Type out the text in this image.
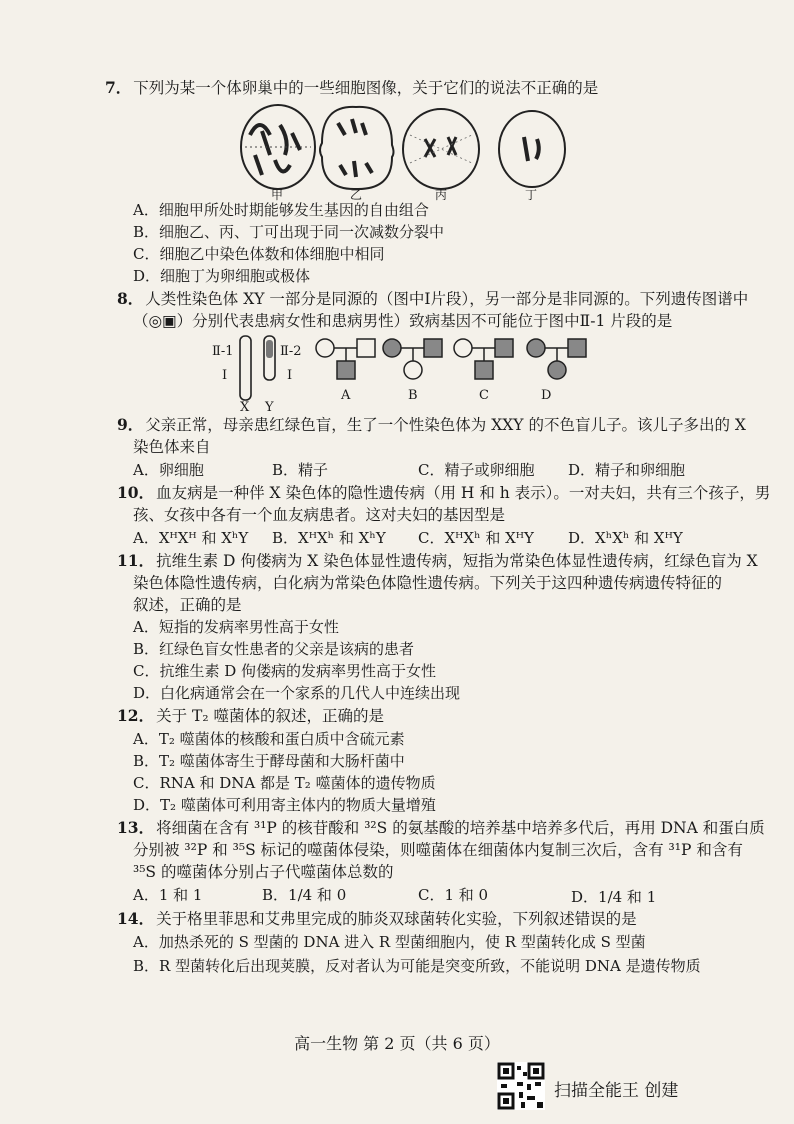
7． 下列为某一个体卵巢中的一些细胞图像，关于它们的说法不正确的是
甲	乙	丙	丁
A．细胞甲所处时期能够发生基因的自由组合
B．细胞乙、丙、丁可出现于同一次减数分裂中
C．细胞乙中染色体数和体细胞中相同
D．细胞丁为卵细胞或极体
8． 人类性染色体 XY 一部分是同源的（图中I片段），另一部分是非同源的。下列遗传图谱中
（◎▣）分别代表患病女性和患病男性）致病基因不可能位于图中Ⅱ-1 片段的是
Ⅱ-1
I
Ⅱ-2
I
X Y
A	B	C	D
9． 父亲正常，母亲患红绿色盲，生了一个性染色体为 XXY 的不色盲儿子。该儿子多出的 X
染色体来自
A．卵细胞	B．精子	C．精子或卵细胞 D．精子和卵细胞
10． 血友病是一种伴 X 染色体的隐性遗传病（用 H 和 h 表示）。一对夫妇，共有三个孩子，男
孩、女孩中各有一个血友病患者。这对夫妇的基因型是
A．XᴴXᴴ 和 XʰY B．XᴴXʰ 和 XʰY C．XᴴXʰ 和 XᴴY D．XʰXʰ 和 XᴴY
11． 抗维生素 D 佝偻病为 X 染色体显性遗传病，短指为常染色体显性遗传病，红绿色盲为 X
染色体隐性遗传病，白化病为常染色体隐性遗传病。下列关于这四种遗传病遗传特征的
叙述，正确的是
A．短指的发病率男性高于女性
B．红绿色盲女性患者的父亲是该病的患者
C．抗维生素 D 佝偻病的发病率男性高于女性
D．白化病通常会在一个家系的几代人中连续出现
12． 关于 T₂ 噬菌体的叙述，正确的是
A．T₂ 噬菌体的核酸和蛋白质中含硫元素
B．T₂ 噬菌体寄生于酵母菌和大肠杆菌中
C．RNA 和 DNA 都是 T₂ 噬菌体的遗传物质
D．T₂ 噬菌体可利用寄主体内的物质大量增殖
13． 将细菌在含有 ³¹P 的核苷酸和 ³²S 的氨基酸的培养基中培养多代后，再用 DNA 和蛋白质
分别被 ³²P 和 ³⁵S 标记的噬菌体侵染，则噬菌体在细菌体内复制三次后，含有 ³¹P 和含有
³⁵S 的噬菌体分别占子代噬菌体总数的
A．1 和 1	B．1/4 和 0	C．1 和 0	D．1/4 和 1
14． 关于格里菲思和艾弗里完成的肺炎双球菌转化实验，下列叙述错误的是
A．加热杀死的 S 型菌的 DNA 进入 R 型菌细胞内，使 R 型菌转化成 S 型菌
B．R 型菌转化后出现荚膜，反对者认为可能是突变所致，不能说明 DNA 是遗传物质
高一生物 第 2 页（共 6 页）
扫描全能王 创建
